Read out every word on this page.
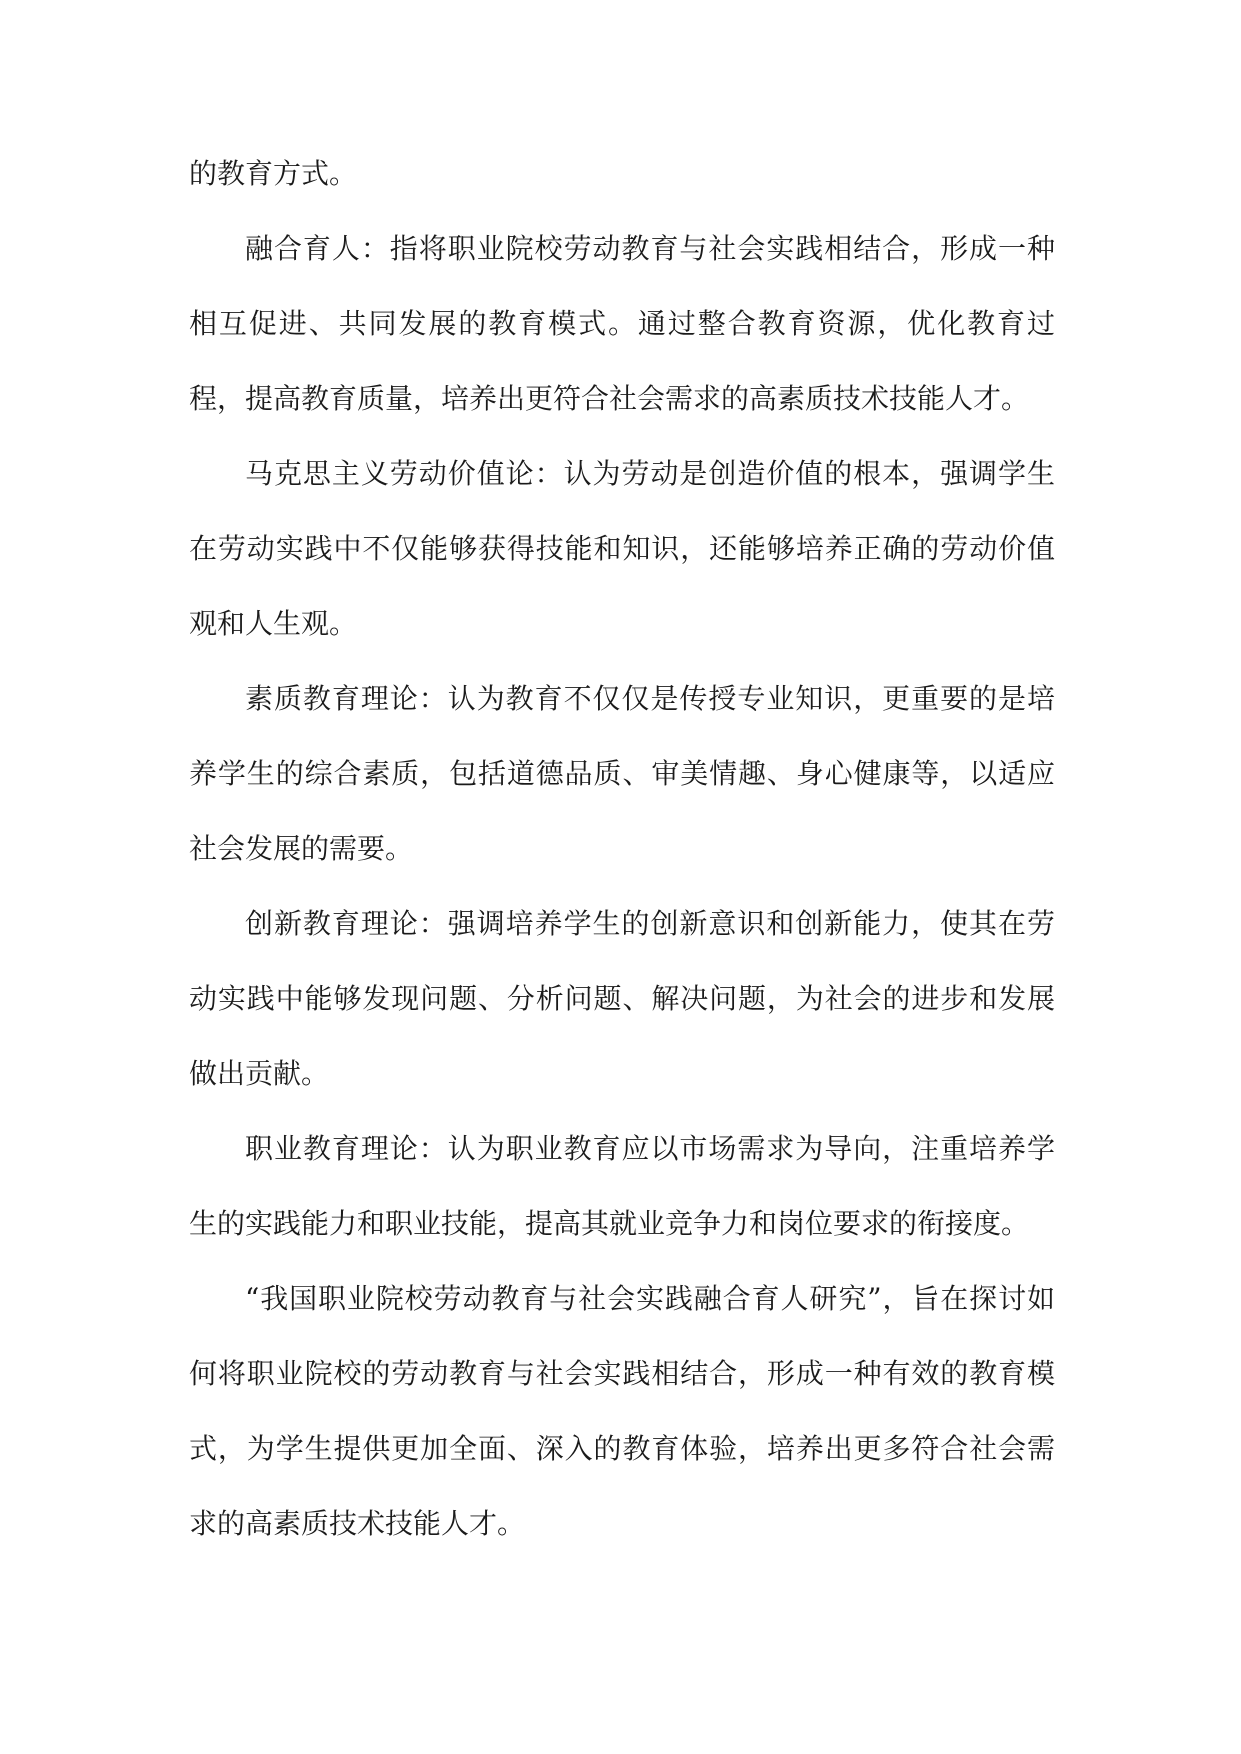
的教育方式。

融合育人：指将职业院校劳动教育与社会实践相结合，形成一种相互促进、共同发展的教育模式。通过整合教育资源，优化教育过程，提高教育质量，培养出更符合社会需求的高素质技术技能人才。

马克思主义劳动价值论：认为劳动是创造价值的根本，强调学生在劳动实践中不仅能够获得技能和知识，还能够培养正确的劳动价值观和人生观。

素质教育理论：认为教育不仅仅是传授专业知识，更重要的是培养学生的综合素质，包括道德品质、审美情趣、身心健康等，以适应社会发展的需要。

创新教育理论：强调培养学生的创新意识和创新能力，使其在劳动实践中能够发现问题、分析问题、解决问题，为社会的进步和发展做出贡献。

职业教育理论：认为职业教育应以市场需求为导向，注重培养学生的实践能力和职业技能，提高其就业竞争力和岗位要求的衔接度。

“我国职业院校劳动教育与社会实践融合育人研究”，旨在探讨如何将职业院校的劳动教育与社会实践相结合，形成一种有效的教育模式，为学生提供更加全面、深入的教育体验，培养出更多符合社会需求的高素质技术技能人才。
